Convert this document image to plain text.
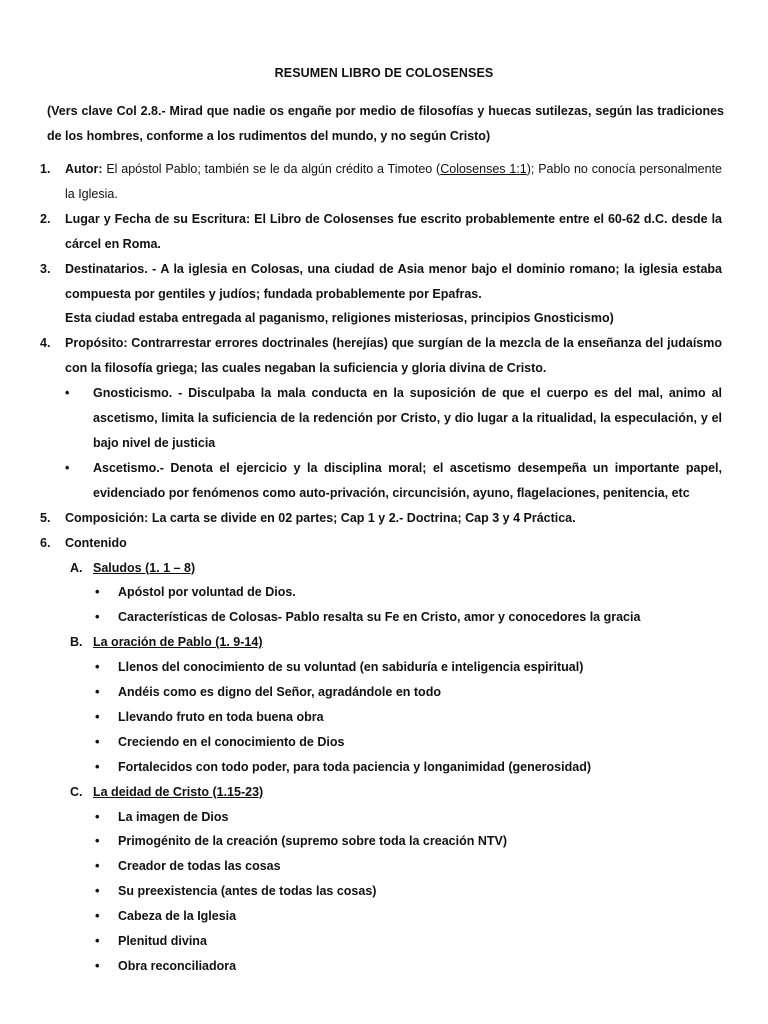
RESUMEN LIBRO DE COLOSENSES
(Vers clave Col 2.8.- Mirad que nadie os engañe por medio de filosofías y huecas sutilezas, según las tradiciones de los hombres, conforme a los rudimentos del mundo, y no según Cristo)
1.	Autor: El apóstol Pablo; también se le da algún crédito a Timoteo (Colosenses 1:1); Pablo no conocía personalmente la Iglesia.
2.	Lugar y Fecha de su Escritura: El Libro de Colosenses fue escrito probablemente entre el 60-62 d.C. desde la cárcel en Roma.
3.	Destinatarios. - A la iglesia en Colosas, una ciudad de Asia menor bajo el dominio romano; la iglesia estaba compuesta por gentiles y judíos; fundada probablemente por Epafras.
Esta ciudad estaba entregada al paganismo, religiones misteriosas, principios Gnosticismo)
4.	Propósito: Contrarrestar errores doctrinales (herejías) que surgían de la mezcla de la enseñanza del judaísmo con la filosofía griega; las cuales negaban la suficiencia y gloria divina de Cristo.
• Gnosticismo. - Disculpaba la mala conducta en la suposición de que el cuerpo es del mal, animo al ascetismo, limita la suficiencia de la redención por Cristo, y dio lugar a la ritualidad, la especulación, y el bajo nivel de justicia
• Ascetismo.- Denota el ejercicio y la disciplina moral; el ascetismo desempeña un importante papel, evidenciado por fenómenos como auto-privación, circuncisión, ayuno, flagelaciones, penitencia, etc
5.	Composición: La carta se divide en 02 partes; Cap 1 y 2.- Doctrina; Cap 3 y 4 Práctica.
6.	Contenido
A. Saludos (1. 1 – 8)
• Apóstol por voluntad de Dios.
• Características de Colosas- Pablo resalta su Fe en Cristo, amor y conocedores la gracia
B. La oración de Pablo (1. 9-14)
• Llenos del conocimiento de su voluntad (en sabiduría e inteligencia espiritual)
• Andéis como es digno del Señor, agradándole en todo
• Llevando fruto en toda buena obra
• Creciendo en el conocimiento de Dios
• Fortalecidos con todo poder, para toda paciencia y longanimidad (generosidad)
C. La deidad de Cristo (1.15-23)
• La imagen de Dios
• Primogénito de la creación (supremo sobre toda la creación NTV)
• Creador de todas las cosas
• Su preexistencia (antes de todas las cosas)
• Cabeza de la Iglesia
• Plenitud divina
• Obra reconciliadora
